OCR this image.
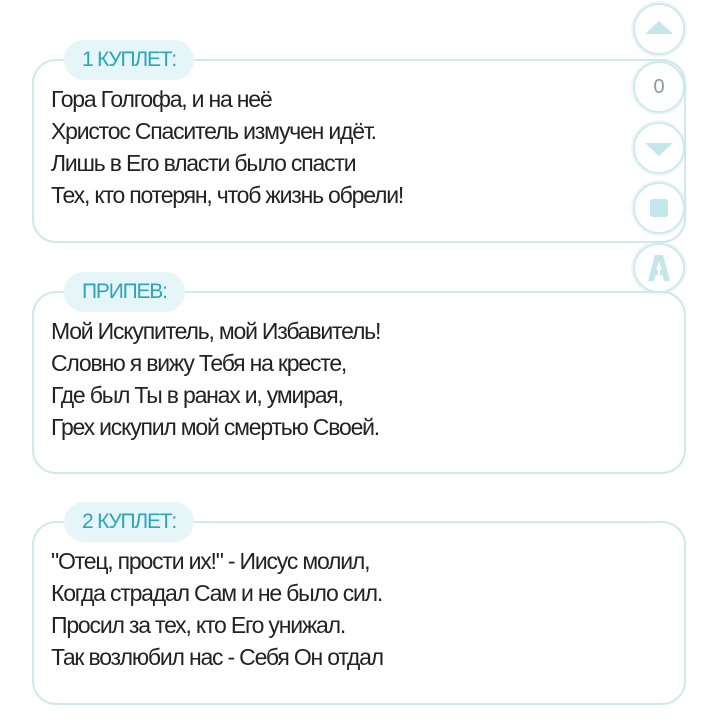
1 КУПЛЕТ:
Гора Голгофа, и на неё
Христос Спаситель измучен идёт.
Лишь в Его власти было спасти
Тех, кто потерян, чтоб жизнь обрели!
ПРИПЕВ:
Мой Искупитель, мой Избавитель!
Словно я вижу Тебя на кресте,
Где был Ты в ранах и, умирая,
Грех искупил мой смертью Своей.
2 КУПЛЕТ:
"Отец, прости их!" - Иисус молил,
Когда страдал Сам и не было сил.
Просил за тех, кто Его унижал.
Так возлюбил нас - Себя Он отдал
0
